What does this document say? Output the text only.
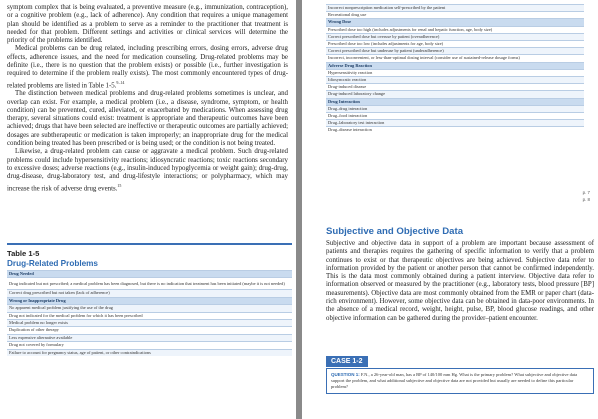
symptom complex that is being evaluated, a preventive measure (e.g., immunization, contraception), or a cognitive problem (e.g., lack of adherence). Any condition that requires a unique management plan should be identified as a problem to serve as a reminder to the practitioner that treatment is needed for that problem. Different settings and activities or clinical services will determine the priority of the problems identified.

Medical problems can be drug related, including prescribing errors, dosing errors, adverse drug effects, adherence issues, and the need for medication counseling. Drug-related problems may be definite (i.e., there is no question that the problem exists) or possible (i.e., further investigation is required to determine if the problem really exists). The most commonly encountered types of drug-related problems are listed in Table 1-5.$^{9-14}$

The distinction between medical problems and drug-related problems sometimes is unclear, and overlap can exist. For example, a medical problem (i.e., a disease, syndrome, symptom, or health condition) can be prevented, cured, alleviated, or exacerbated by medications. When assessing drug therapy, several situations could exist: treatment is appropriate and therapeutic outcomes have been achieved; drugs that have been selected are ineffective or therapeutic outcomes are partially achieved; dosages are subtherapeutic or medication is taken improperly; an inappropriate drug for the medical condition being treated has been prescribed or is being used; or the condition is not being treated.

Likewise, a drug-related problem can cause or aggravate a medical problem. Such drug-related problems could include hypersensitivity reactions; idiosyncratic reactions; toxic reactions secondary to excessive doses; adverse reactions (e.g., insulin-induced hypoglycemia or weight gain); drug-drug, drug-disease, drug-laboratory test, and drug-lifestyle interactions; or polypharmacy, which may increase the risk of adverse drug events.$^{15}$

Table 1-5
Drug-Related Problems
Drug Needed
Drug indicated but not prescribed; a medical problem has been diagnosed, but there is no indication that treatment has been initiated (maybe it is not needed)
Correct drug prescribed but not taken (lack of adherence)
Wrong or Inappropriate Drug
No apparent medical problem justifying the use of the drug
Drug not indicated for the medical problem for which it has been prescribed
Medical problem no longer exists
Duplication of other therapy
Less expensive alternative available
Drug not covered by formulary
Failure to account for pregnancy status, age of patient, or other contraindications
Incorrect nonprescription medication self-prescribed by the patient
Recreational drug use
Wrong Dose
Prescribed dose too high (includes adjustments for renal and hepatic function, age, body size)
Correct prescribed dose but overuse by patient (overadherence)
Prescribed dose too low (includes adjustments for age, body size)
Correct prescribed dose but underuse by patient (underadherence)
Incorrect, inconvenient, or less-than-optimal dosing interval (consider use of sustained-release dosage forms)
Adverse Drug Reaction
Hypersensitivity reaction
Idiosyncratic reaction
Drug-induced disease
Drug-induced laboratory change
Drug Interaction
Drug–drug interaction
Drug–food interaction
Drug–laboratory test interaction
Drug–disease interaction
p. 7
p. 8
Subjective and Objective Data

Subjective and objective data in support of a problem are important because assessment of patients and therapies requires the gathering of specific information to verify that a problem continues to exist or that therapeutic objectives are being achieved. Subjective data refer to information provided by the patient or another person that cannot be confirmed independently. This is the data most commonly obtained during a patient interview. Objective data refer to information observed or measured by the practitioner (e.g., laboratory tests, blood pressure [BP] measurements). Objective data are most commonly obtained from the EMR or paper chart (data-rich environment). However, some objective data can be obtained in data-poor environments. In the absence of a medical record, weight, height, pulse, BP, blood glucose readings, and other objective information can be gathered during the provider–patient encounter.

CASE 1-2
QUESTION 1: F.N., a 26-year-old man, has a BP of 140/100 mm Hg. What is the primary problem? What subjective and objective data support the problem, and what additional subjective and objective data are not provided but usually are needed to define this particular problem?
